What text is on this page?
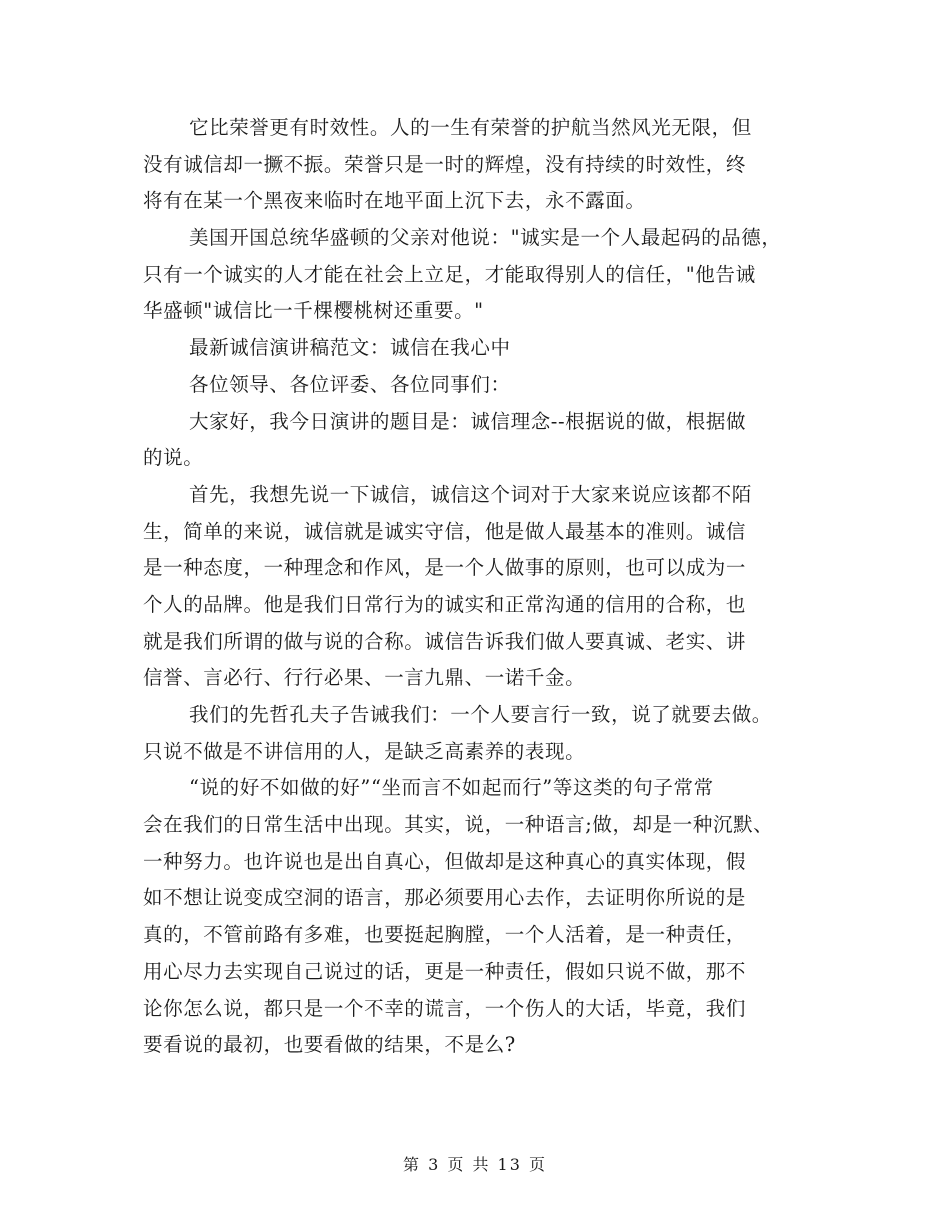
它比荣誉更有时效性。人的一生有荣誉的护航当然风光无限，但
没有诚信却一撅不振。荣誉只是一时的辉煌，没有持续的时效性，终
将有在某一个黑夜来临时在地平面上沉下去，永不露面。
美国开国总统华盛顿的父亲对他说："诚实是一个人最起码的品德，
只有一个诚实的人才能在社会上立足，才能取得别人的信任，"他告诫
华盛顿"诚信比一千棵樱桃树还重要。"
最新诚信演讲稿范文：诚信在我心中
各位领导、各位评委、各位同事们：
大家好，我今日演讲的题目是：诚信理念--根据说的做，根据做
的说。
首先，我想先说一下诚信，诚信这个词对于大家来说应该都不陌
生，简单的来说，诚信就是诚实守信，他是做人最基本的准则。诚信
是一种态度，一种理念和作风，是一个人做事的原则，也可以成为一
个人的品牌。他是我们日常行为的诚实和正常沟通的信用的合称，也
就是我们所谓的做与说的合称。诚信告诉我们做人要真诚、老实、讲
信誉、言必行、行行必果、一言九鼎、一诺千金。
我们的先哲孔夫子告诫我们：一个人要言行一致，说了就要去做。
只说不做是不讲信用的人，是缺乏高素养的表现。
“说的好不如做的好”“坐而言不如起而行”等这类的句子常常
会在我们的日常生活中出现。其实，说，一种语言;做，却是一种沉默、
一种努力。也许说也是出自真心，但做却是这种真心的真实体现，假
如不想让说变成空洞的语言，那必须要用心去作，去证明你所说的是
真的，不管前路有多难，也要挺起胸膛，一个人活着，是一种责任，
用心尽力去实现自己说过的话，更是一种责任，假如只说不做，那不
论你怎么说，都只是一个不幸的谎言，一个伤人的大话，毕竟，我们
要看说的最初，也要看做的结果，不是么?
第 3 页 共 13 页
